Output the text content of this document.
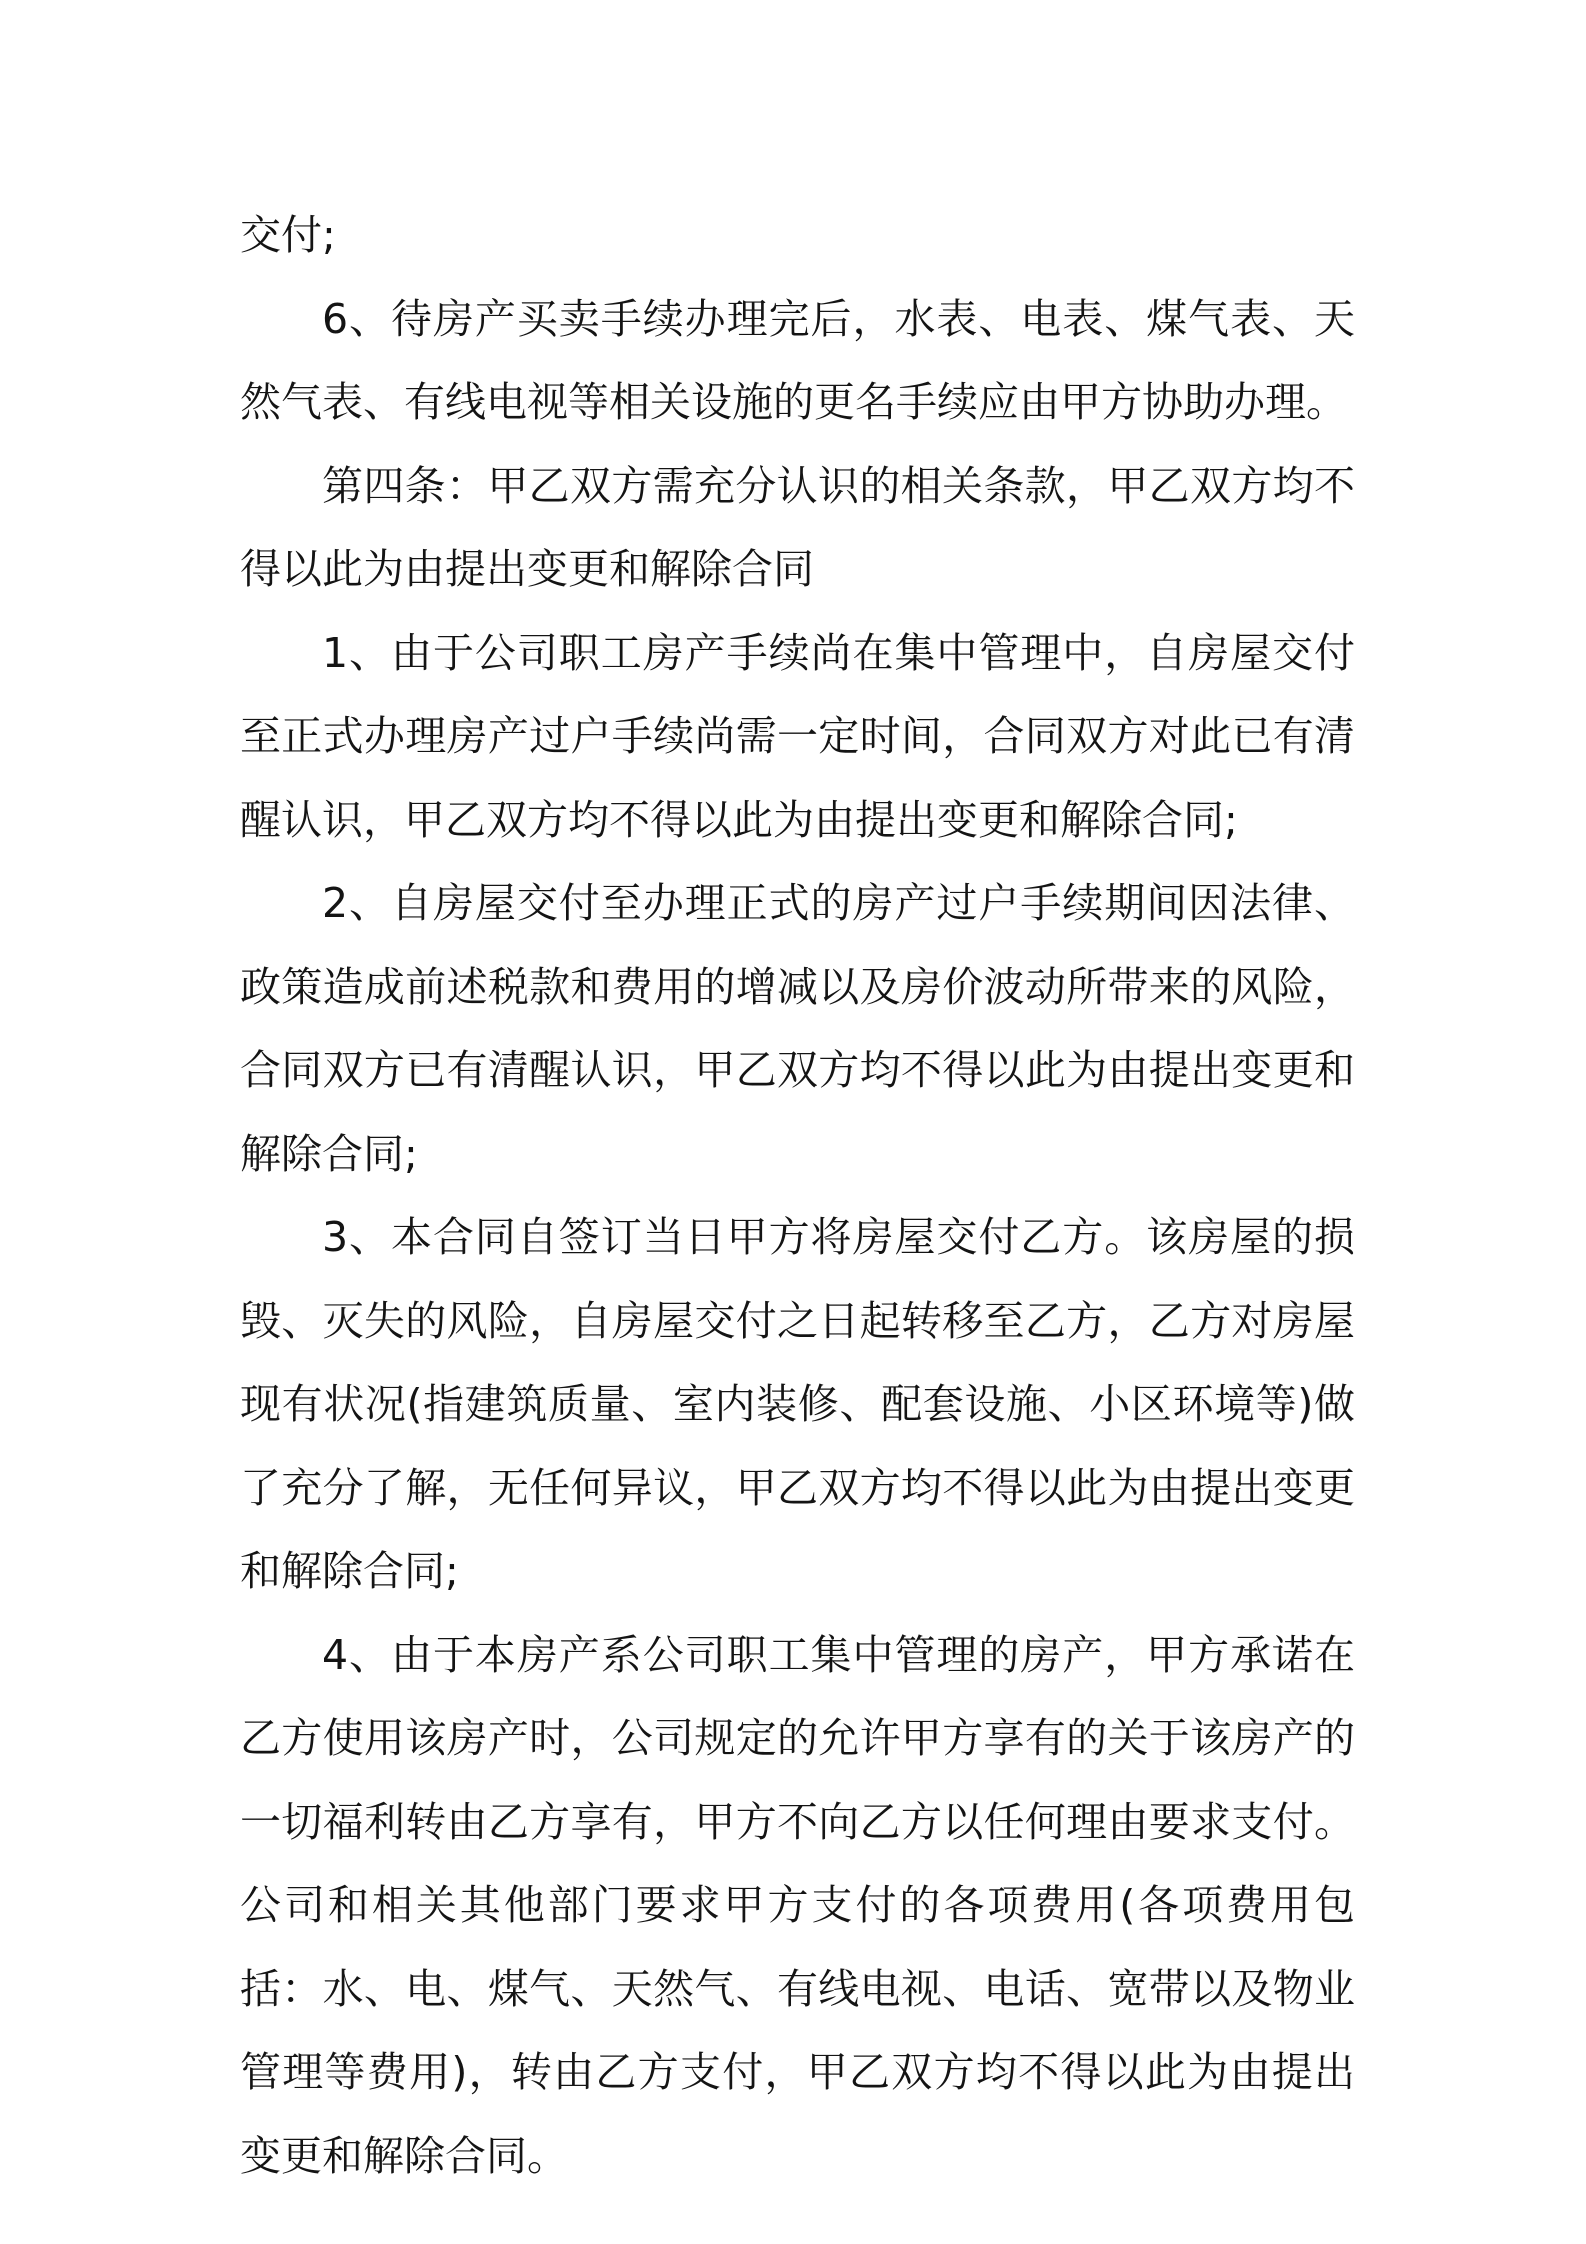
交付;

6、待房产买卖手续办理完后，水表、电表、煤气表、天然气表、有线电视等相关设施的更名手续应由甲方协助办理。

第四条：甲乙双方需充分认识的相关条款，甲乙双方均不得以此为由提出变更和解除合同

1、由于公司职工房产手续尚在集中管理中，自房屋交付至正式办理房产过户手续尚需一定时间，合同双方对此已有清醒认识，甲乙双方均不得以此为由提出变更和解除合同;

2、自房屋交付至办理正式的房产过户手续期间因法律、政策造成前述税款和费用的增减以及房价波动所带来的风险，合同双方已有清醒认识，甲乙双方均不得以此为由提出变更和解除合同;

3、本合同自签订当日甲方将房屋交付乙方。该房屋的损毁、灭失的风险，自房屋交付之日起转移至乙方，乙方对房屋现有状况(指建筑质量、室内装修、配套设施、小区环境等)做了充分了解，无任何异议，甲乙双方均不得以此为由提出变更和解除合同;

4、由于本房产系公司职工集中管理的房产，甲方承诺在乙方使用该房产时，公司规定的允许甲方享有的关于该房产的一切福利转由乙方享有，甲方不向乙方以任何理由要求支付。 公司和相关其他部门要求甲方支付的各项费用(各项费用包括：水、电、煤气、天然气、有线电视、电话、宽带以及物业管理等费用)，转由乙方支付，甲乙双方均不得以此为由提出变更和解除合同。
